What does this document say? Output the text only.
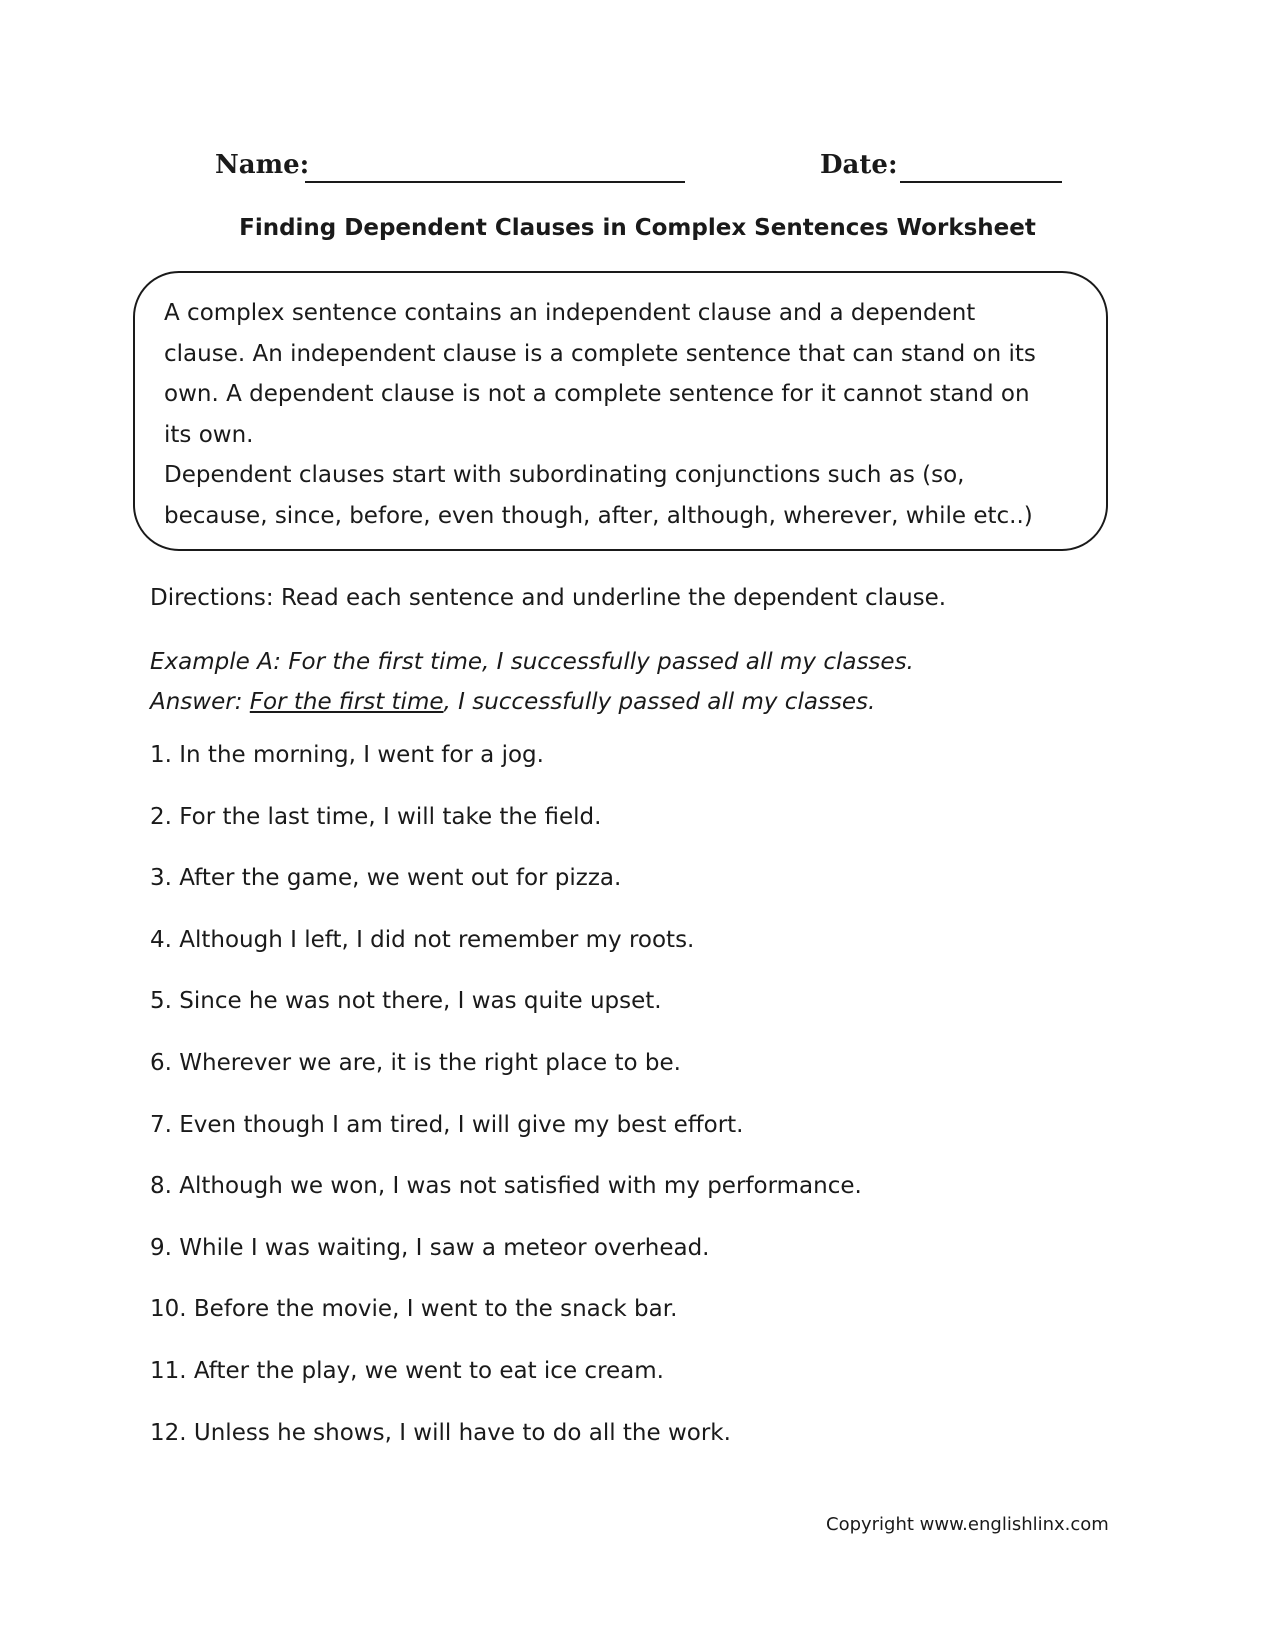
Name:	Date:
Finding Dependent Clauses in Complex Sentences Worksheet

A complex sentence contains an independent clause and a dependent

clause. An independent clause is a complete sentence that can stand on its

own. A dependent clause is not a complete sentence for it cannot stand on

its own.

Dependent clauses start with subordinating conjunctions such as (so,

because, since, before, even though, after, although, wherever, while etc..)

Directions: Read each sentence and underline the dependent clause.
Example A: For the first time, I successfully passed all my classes.
Answer: For the first time, I successfully passed all my classes.
1. In the morning, I went for a jog.
2. For the last time, I will take the field.
3. After the game, we went out for pizza.
4. Although I left, I did not remember my roots.
5. Since he was not there, I was quite upset.
6. Wherever we are, it is the right place to be.
7. Even though I am tired, I will give my best effort.
8. Although we won, I was not satisfied with my performance.
9. While I was waiting, I saw a meteor overhead.
10. Before the movie, I went to the snack bar.
11. After the play, we went to eat ice cream.
12. Unless he shows, I will have to do all the work.
Copyright www.englishlinx.com
